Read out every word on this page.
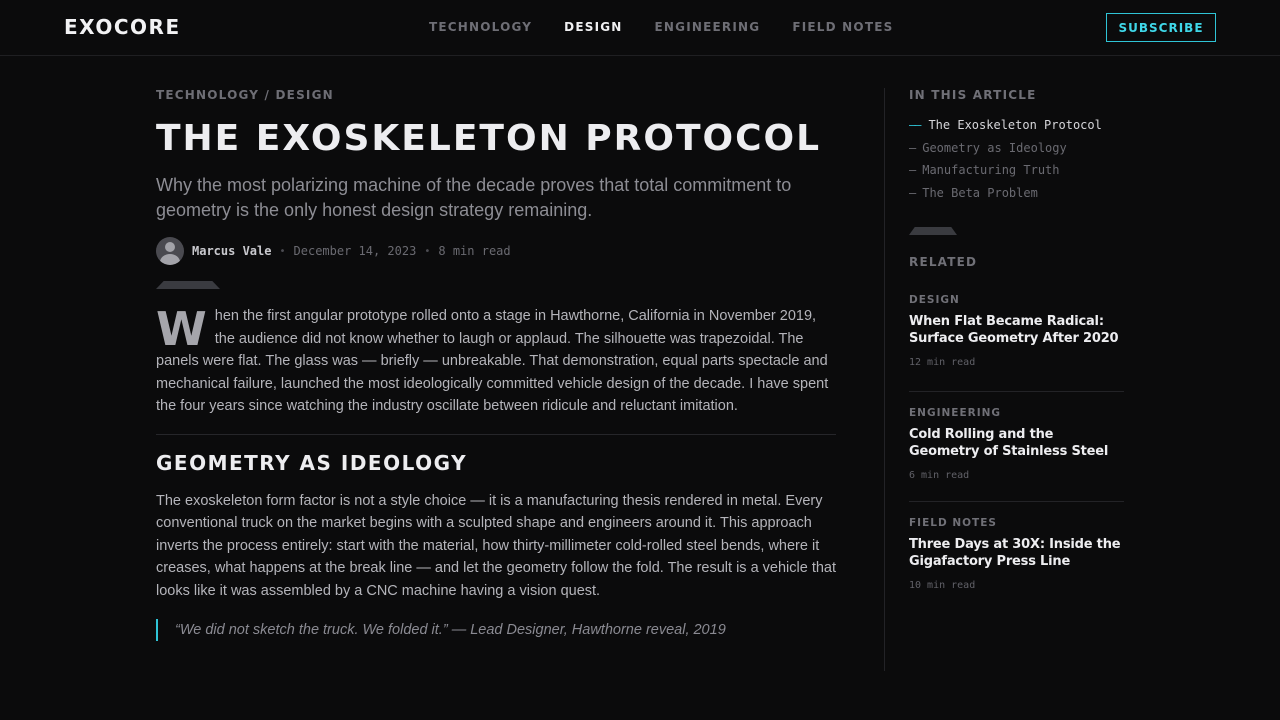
EXOCORE	TECHNOLOGY	DESIGN	ENGINEERING	FIELD NOTES	SUBSCRIBE
TECHNOLOGY / DESIGN
THE EXOSKELETON PROTOCOL

Why the most polarizing machine of the decade proves that total commitment to geometry is the only honest design strategy remaining.

Marcus Vale • December 14, 2023 • 8 min read

When the first angular prototype rolled onto a stage in Hawthorne, California in November 2019, the audience did not know whether to laugh or applaud. The silhouette was trapezoidal. The panels were flat. The glass was — briefly — unbreakable. That demonstration, equal parts spectacle and mechanical failure, launched the most ideologically committed vehicle design of the decade. I have spent the four years since watching the industry oscillate between ridicule and reluctant imitation.

GEOMETRY AS IDEOLOGY

The exoskeleton form factor is not a style choice — it is a manufacturing thesis rendered in metal. Every conventional truck on the market begins with a sculpted shape and engineers around it. This approach inverts the process entirely: start with the material, how thirty-millimeter cold-rolled steel bends, where it creases, what happens at the break line — and let the geometry follow the fold. The result is a vehicle that looks like it was assembled by a CNC machine having a vision quest.

“We did not sketch the truck. We folded it.” — Lead Designer, Hawthorne reveal, 2019
IN THIS ARTICLE
—— The Exoskeleton Protocol
— Geometry as Ideology
— Manufacturing Truth
— The Beta Problem
RELATED
DESIGN
When Flat Became Radical: Surface Geometry After 2020
12 min read
ENGINEERING
Cold Rolling and the Geometry of Stainless Steel
6 min read
FIELD NOTES
Three Days at 30X: Inside the Gigafactory Press Line
10 min read
